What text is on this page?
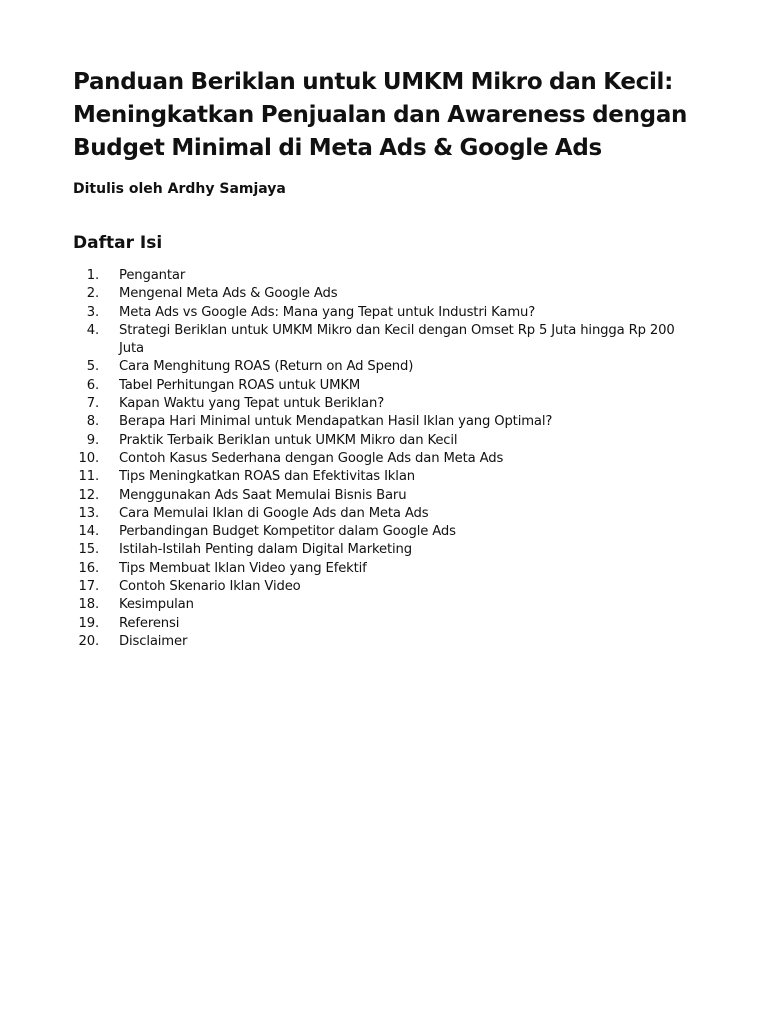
Panduan Beriklan untuk UMKM Mikro dan Kecil: Meningkatkan Penjualan dan Awareness dengan Budget Minimal di Meta Ads & Google Ads

Ditulis oleh Ardhy Samjaya

Daftar Isi
1. Pengantar
2. Mengenal Meta Ads & Google Ads
3. Meta Ads vs Google Ads: Mana yang Tepat untuk Industri Kamu?
4. Strategi Beriklan untuk UMKM Mikro dan Kecil dengan Omset Rp 5 Juta hingga Rp 200 Juta
5. Cara Menghitung ROAS (Return on Ad Spend)
6. Tabel Perhitungan ROAS untuk UMKM
7. Kapan Waktu yang Tepat untuk Beriklan?
8. Berapa Hari Minimal untuk Mendapatkan Hasil Iklan yang Optimal?
9. Praktik Terbaik Beriklan untuk UMKM Mikro dan Kecil
10. Contoh Kasus Sederhana dengan Google Ads dan Meta Ads
11. Tips Meningkatkan ROAS dan Efektivitas Iklan
12. Menggunakan Ads Saat Memulai Bisnis Baru
13. Cara Memulai Iklan di Google Ads dan Meta Ads
14. Perbandingan Budget Kompetitor dalam Google Ads
15. Istilah-Istilah Penting dalam Digital Marketing
16. Tips Membuat Iklan Video yang Efektif
17. Contoh Skenario Iklan Video
18. Kesimpulan
19. Referensi
20. Disclaimer
